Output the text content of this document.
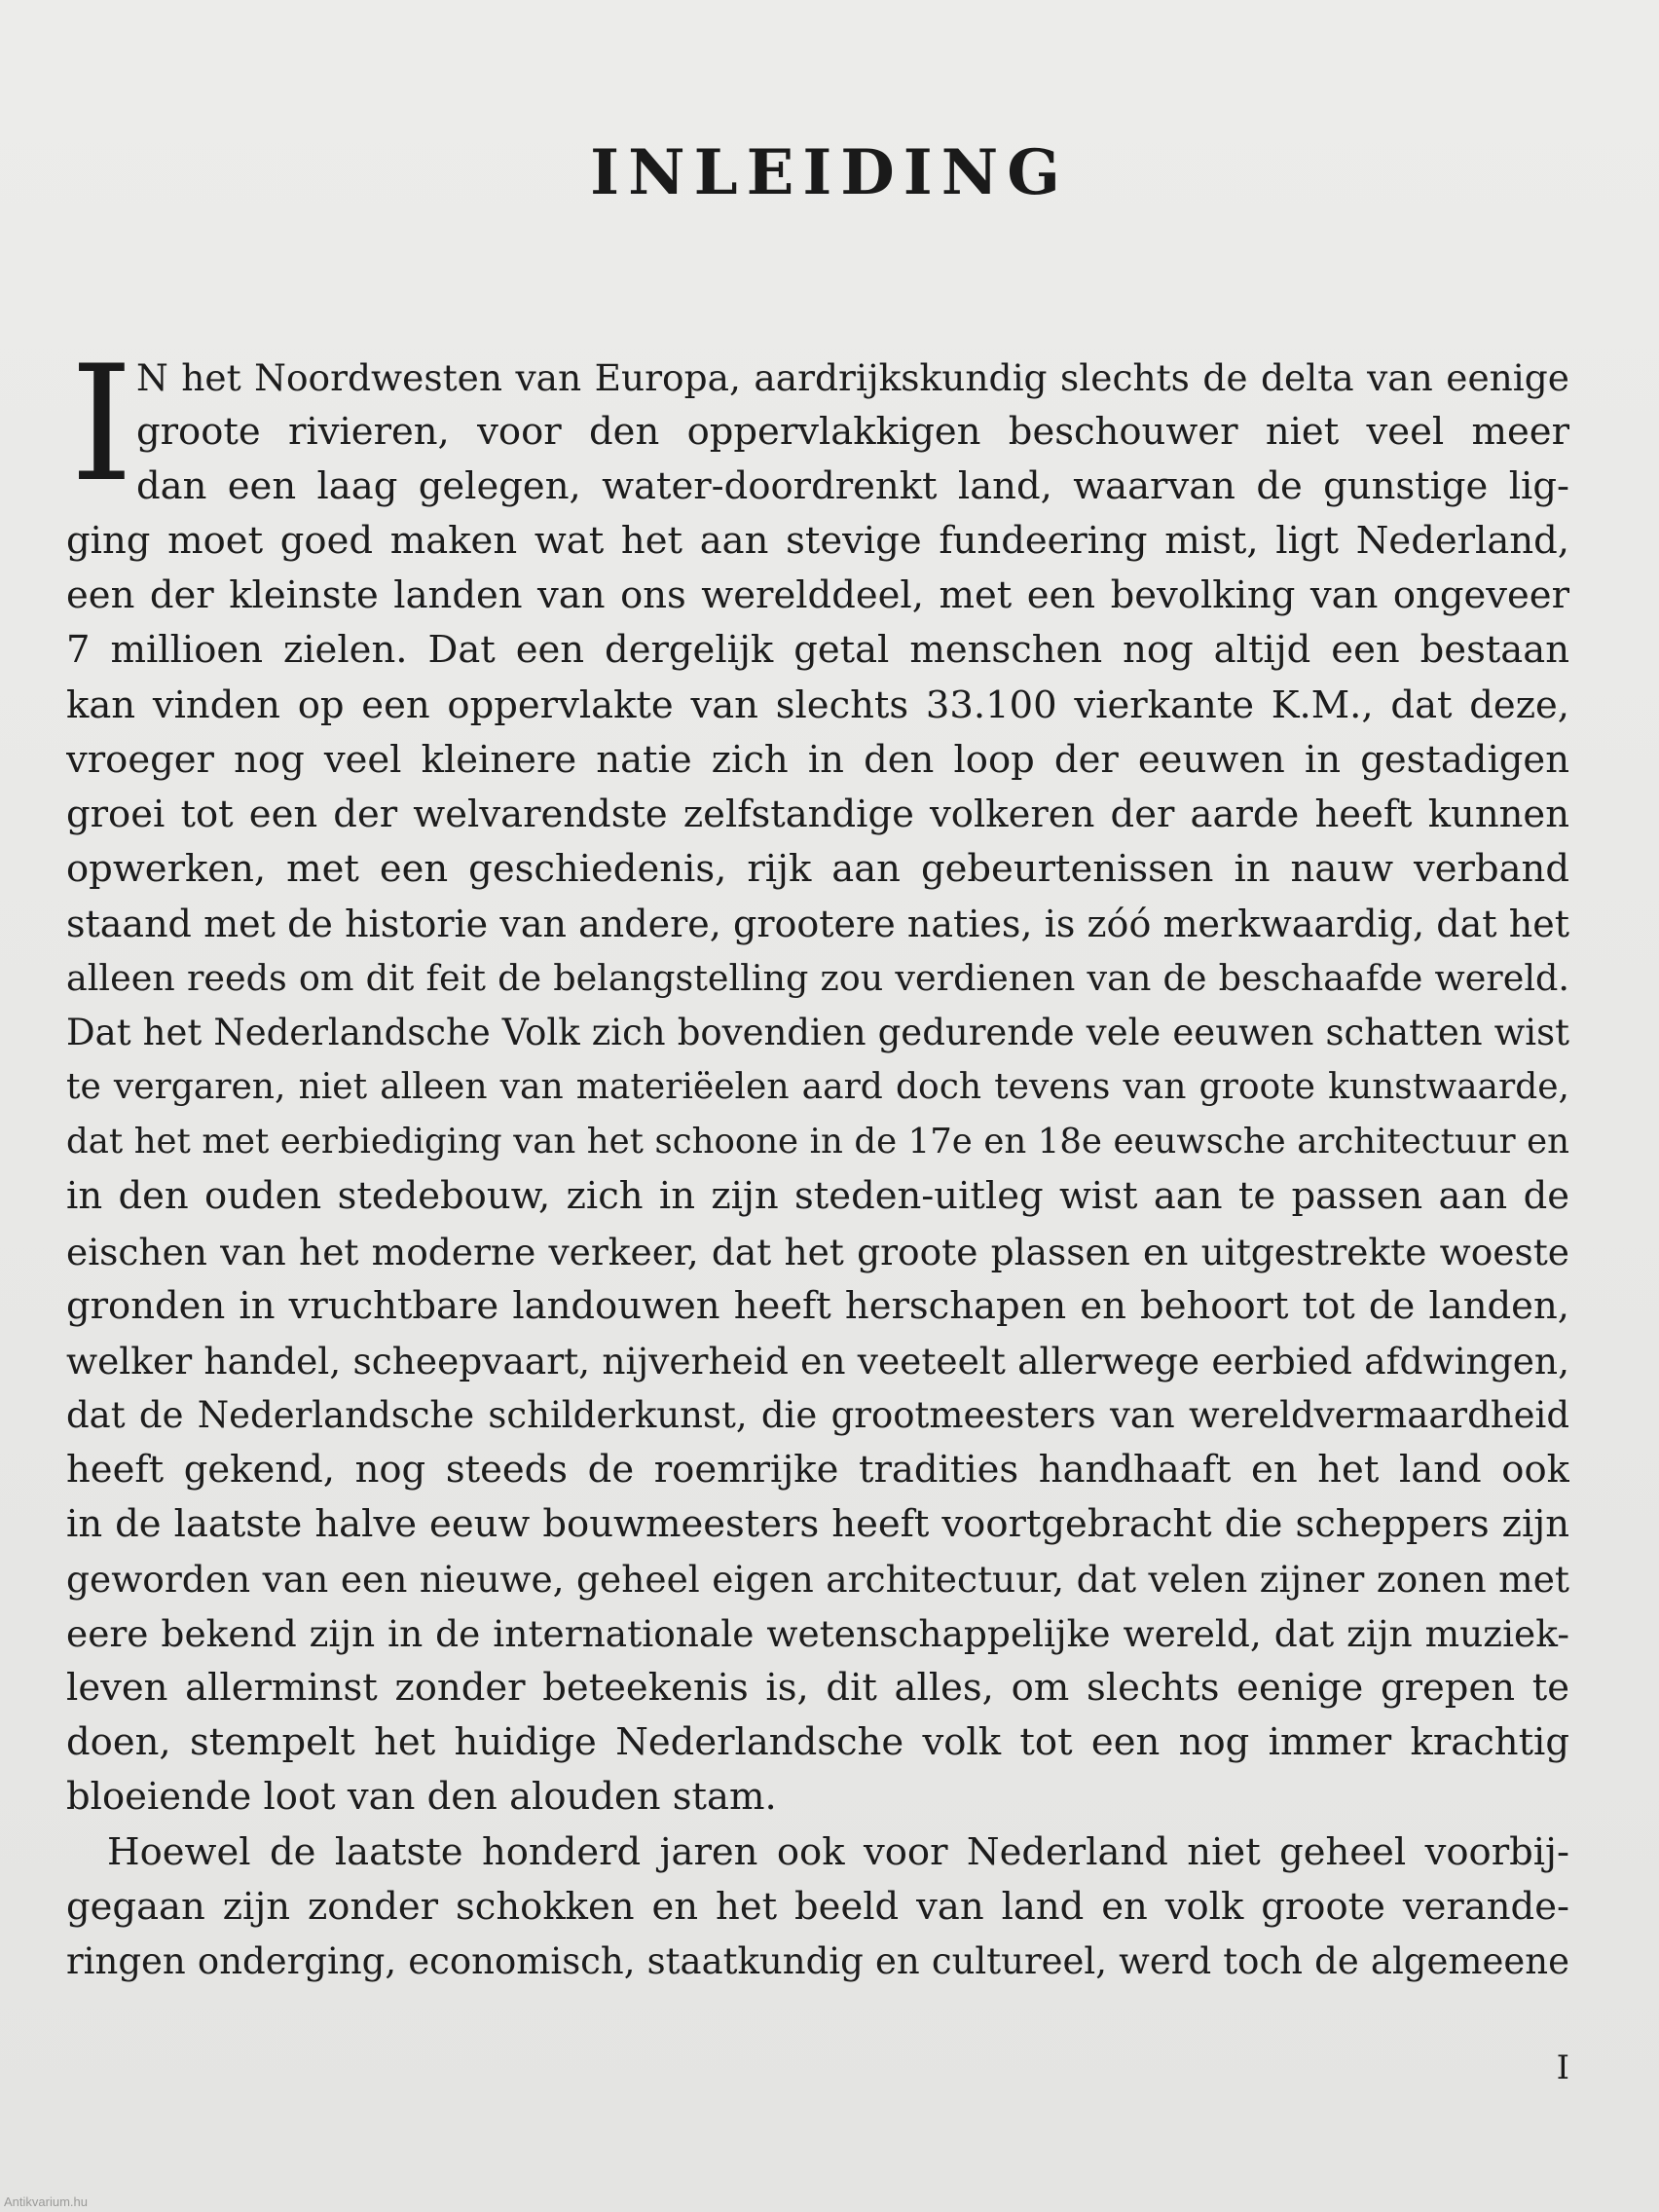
INLEIDING
I N het Noordwesten van Europa, aardrijkskundig slechts de delta van eenige
groote rivieren, voor den oppervlakkigen beschouwer niet veel meer
dan een laag gelegen, water-doordrenkt land, waarvan de gunstige lig-
ging moet goed maken wat het aan stevige fundeering mist, ligt Nederland,
een der kleinste landen van ons werelddeel, met een bevolking van ongeveer
7 millioen zielen. Dat een dergelijk getal menschen nog altijd een bestaan
kan vinden op een oppervlakte van slechts 33.100 vierkante K.M., dat deze,
vroeger nog veel kleinere natie zich in den loop der eeuwen in gestadigen
groei tot een der welvarendste zelfstandige volkeren der aarde heeft kunnen
opwerken, met een geschiedenis, rijk aan gebeurtenissen in nauw verband
staand met de historie van andere, grootere naties, is zóó merkwaardig, dat het
alleen reeds om dit feit de belangstelling zou verdienen van de beschaafde wereld.
Dat het Nederlandsche Volk zich bovendien gedurende vele eeuwen schatten wist
te vergaren, niet alleen van materiëelen aard doch tevens van groote kunstwaarde,
dat het met eerbiediging van het schoone in de 17e en 18e eeuwsche architectuur en
in den ouden stedebouw, zich in zijn steden-uitleg wist aan te passen aan de
eischen van het moderne verkeer, dat het groote plassen en uitgestrekte woeste
gronden in vruchtbare landouwen heeft herschapen en behoort tot de landen,
welker handel, scheepvaart, nijverheid en veeteelt allerwege eerbied afdwingen,
dat de Nederlandsche schilderkunst, die grootmeesters van wereldvermaardheid
heeft gekend, nog steeds de roemrijke tradities handhaaft en het land ook
in de laatste halve eeuw bouwmeesters heeft voortgebracht die scheppers zijn
geworden van een nieuwe, geheel eigen architectuur, dat velen zijner zonen met
eere bekend zijn in de internationale wetenschappelijke wereld, dat zijn muziek-
leven allerminst zonder beteekenis is, dit alles, om slechts eenige grepen te
doen, stempelt het huidige Nederlandsche volk tot een nog immer krachtig
bloeiende loot van den alouden stam.
Hoewel de laatste honderd jaren ook voor Nederland niet geheel voorbij-
gegaan zijn zonder schokken en het beeld van land en volk groote verande-
ringen onderging, economisch, staatkundig en cultureel, werd toch de algemeene
I
Antikvarium.hu
